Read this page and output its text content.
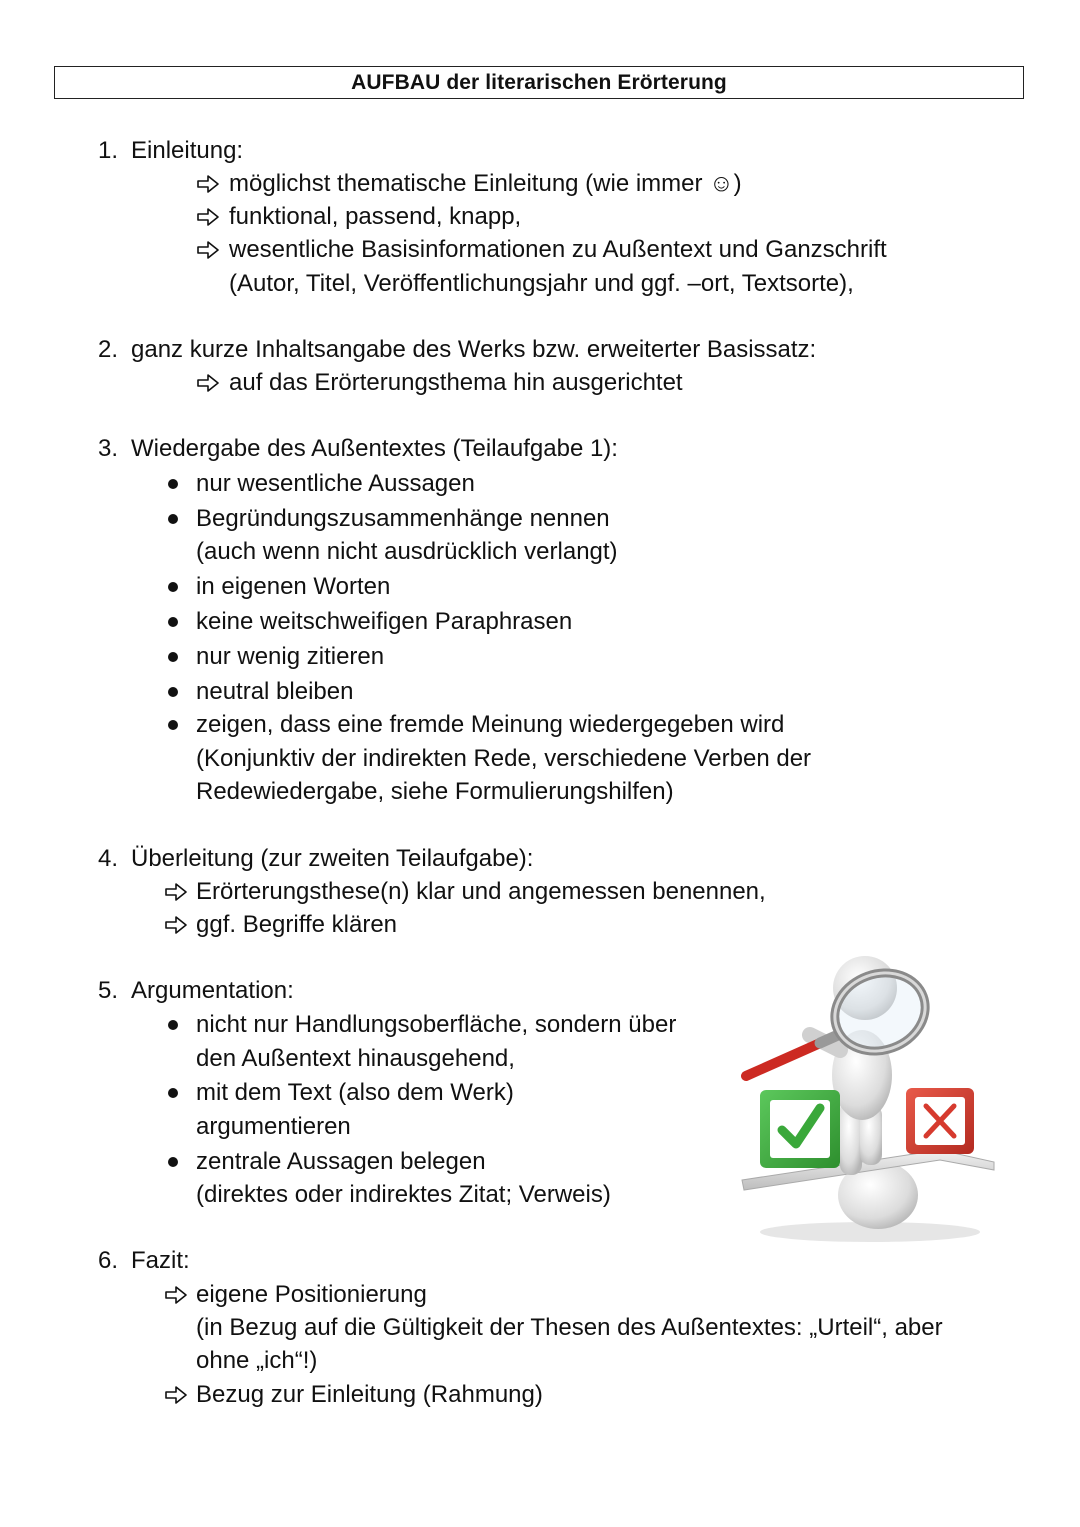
AUFBAU der literarischen Erörterung
1. Einleitung:
möglichst thematische Einleitung (wie immer ☺)
funktional, passend, knapp,
wesentliche Basisinformationen zu Außentext und Ganzschrift
(Autor, Titel, Veröffentlichungsjahr und ggf. –ort, Textsorte),
2. ganz kurze Inhaltsangabe des Werks bzw. erweiterter Basissatz:
auf das Erörterungsthema hin ausgerichtet
3. Wiedergabe des Außentextes (Teilaufgabe 1):
nur wesentliche Aussagen
Begründungszusammenhänge nennen
(auch wenn nicht ausdrücklich verlangt)
in eigenen Worten
keine weitschweifigen Paraphrasen
nur wenig zitieren
neutral bleiben
zeigen, dass eine fremde Meinung wiedergegeben wird
(Konjunktiv der indirekten Rede, verschiedene Verben der
Redewiedergabe, siehe Formulierungshilfen)
4. Überleitung (zur zweiten Teilaufgabe):
Erörterungsthese(n) klar und angemessen benennen,
ggf. Begriffe klären
5. Argumentation:
nicht nur Handlungsoberfläche, sondern über
den Außentext hinausgehend,
mit dem Text (also dem Werk)
argumentieren
zentrale Aussagen belegen
(direktes oder indirektes Zitat; Verweis)
6. Fazit:
eigene Positionierung
(in Bezug auf die Gültigkeit der Thesen des Außentextes: „Urteil“, aber
ohne „ich“!)
Bezug zur Einleitung (Rahmung)
